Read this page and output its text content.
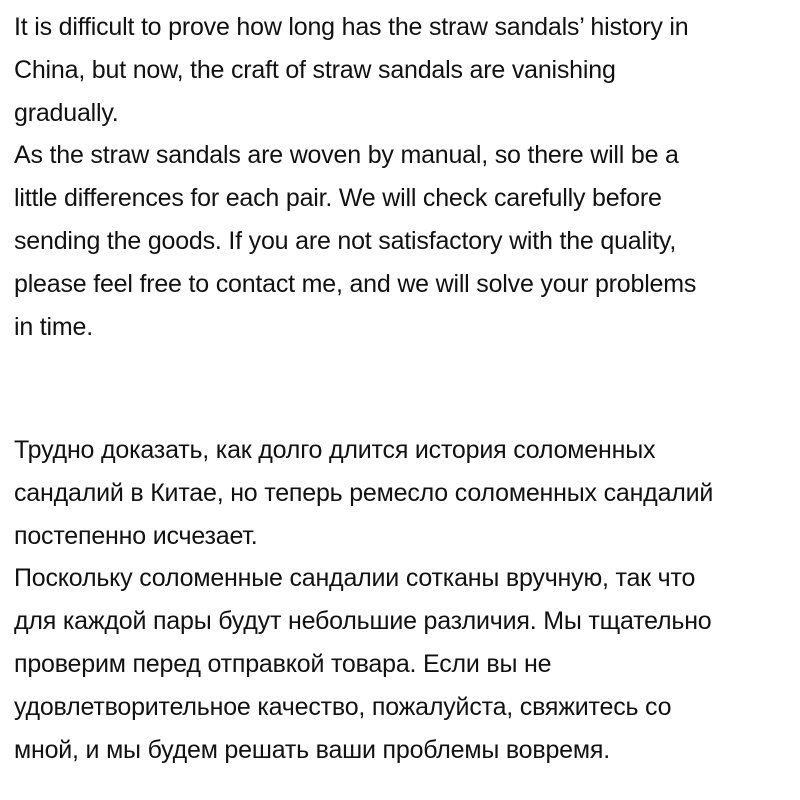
It is difficult to prove how long has the straw sandals’ history in
China, but now, the craft of straw sandals are vanishing
gradually.
As the straw sandals are woven by manual, so there will be a
little differences for each pair. We will check carefully before
sending the goods. If you are not satisfactory with the quality,
please feel free to contact me, and we will solve your problems
in time.
Трудно доказать, как долго длится история соломенных
сандалий в Китае, но теперь ремесло соломенных сандалий
постепенно исчезает.
Поскольку соломенные сандалии сотканы вручную, так что
для каждой пары будут небольшие различия. Мы тщательно
проверим перед отправкой товара. Если вы не
удовлетворительное качество, пожалуйста, свяжитесь со
мной, и мы будем решать ваши проблемы вовремя.
